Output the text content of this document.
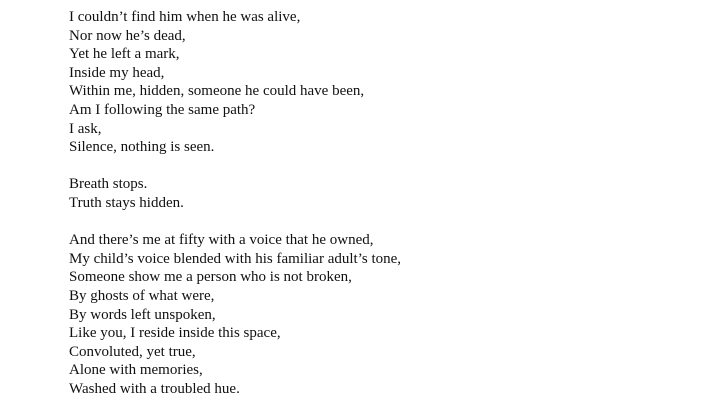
I couldn’t find him when he was alive,
Nor now he’s dead,
Yet he left a mark,
Inside my head,
Within me, hidden, someone he could have been,
Am I following the same path?
I ask,
Silence, nothing is seen.
Breath stops.
Truth stays hidden.
And there’s me at fifty with a voice that he owned,
My child’s voice blended with his familiar adult’s tone,
Someone show me a person who is not broken,
By ghosts of what were,
By words left unspoken,
Like you, I reside inside this space,
Convoluted, yet true,
Alone with memories,
Washed with a troubled hue.
